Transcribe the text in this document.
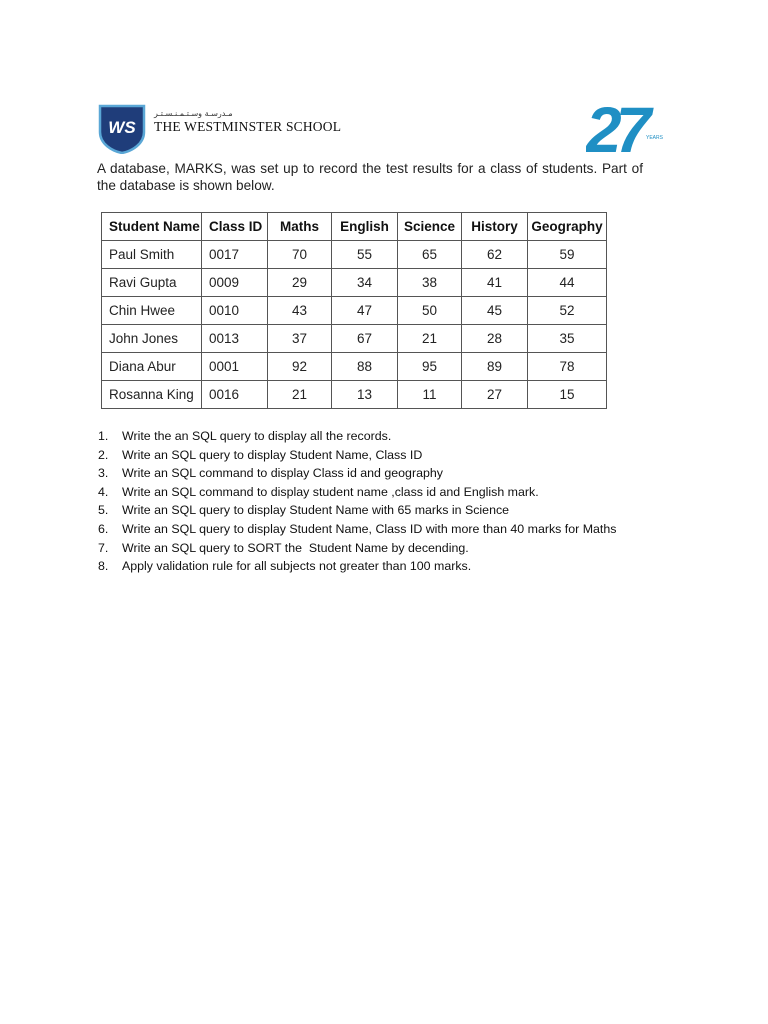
WS
مـدرسـة وسـتـمـنـسـتـر
THE WESTMINSTER SCHOOL	27 YEARS
A database, MARKS, was set up to record the test results for a class of students. Part of the database is shown below.
Student Name	Class ID	Maths	English	Science	History	Geography
Paul Smith	0017	70	55	65	62	59
Ravi Gupta	0009	29	34	38	41	44
Chin Hwee	0010	43	47	50	45	52
John Jones	0013	37	67	21	28	35
Diana Abur	0001	92	88	95	89	78
Rosanna King	0016	21	13	11	27	15
1. Write the an SQL query to display all the records.
2. Write an SQL query to display Student Name, Class ID
3. Write an SQL command to display Class id and geography
4. Write an SQL command to display student name ,class id and English mark.
5. Write an SQL query to display Student Name with 65 marks in Science
6. Write an SQL query to display Student Name, Class ID with more than 40 marks for Maths
7. Write an SQL query to SORT the  Student Name by decending.
8. Apply validation rule for all subjects not greater than 100 marks.
